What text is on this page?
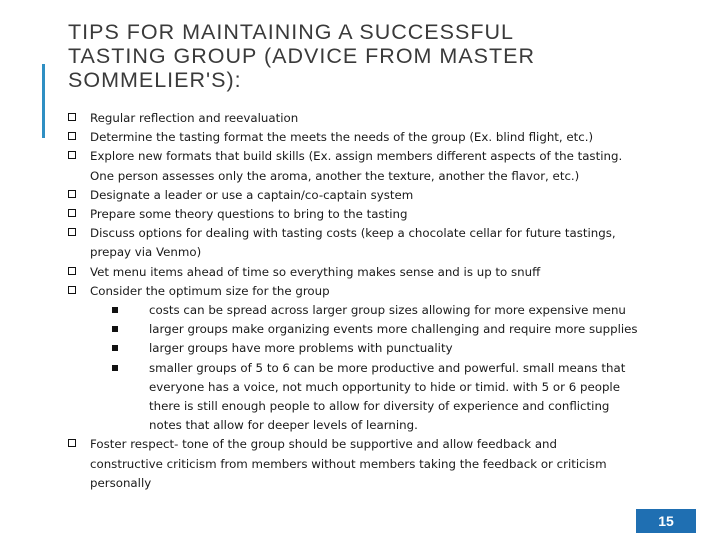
TIPS FOR MAINTAINING A SUCCESSFUL
TASTING GROUP (ADVICE FROM MASTER
SOMMELIER'S):
Regular reflection and reevaluation
Determine the tasting format the meets the needs of the group (Ex. blind flight, etc.)
Explore new formats that build skills (Ex. assign members different aspects of the tasting.
One person assesses only the aroma, another the texture, another the flavor, etc.)
Designate a leader or use a captain/co-captain system
Prepare some theory questions to bring to the tasting
Discuss options for dealing with tasting costs (keep a chocolate cellar for future tastings,
prepay via Venmo)
Vet menu items ahead of time so everything makes sense and is up to snuff
Consider the optimum size for the group
costs can be spread across larger group sizes allowing for more expensive menu
larger groups make organizing events more challenging and require more supplies
larger groups have more problems with punctuality
smaller groups of 5 to 6 can be more productive and powerful. small means that
everyone has a voice, not much opportunity to hide or timid. with 5 or 6 people
there is still enough people to allow for diversity of experience and conflicting
notes that allow for deeper levels of learning.
Foster respect- tone of the group should be supportive and allow feedback and
constructive criticism from members without members taking the feedback or criticism
personally
15
